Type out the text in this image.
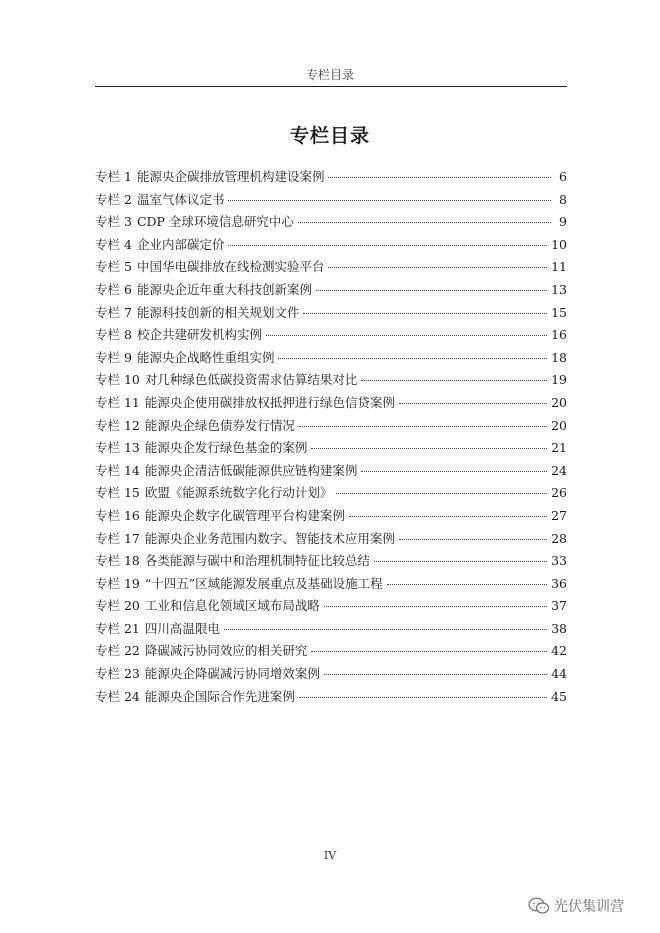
专栏目录
专栏目录
专栏 1 能源央企碳排放管理机构建设案例	6
专栏 2 温室气体议定书	8
专栏 3 CDP 全球环境信息研究中心	9
专栏 4 企业内部碳定价	10
专栏 5 中国华电碳排放在线检测实验平台	11
专栏 6 能源央企近年重大科技创新案例	13
专栏 7 能源科技创新的相关规划文件	15
专栏 8 校企共建研发机构实例	16
专栏 9 能源央企战略性重组实例	18
专栏 10 对几种绿色低碳投资需求估算结果对比	19
专栏 11 能源央企使用碳排放权抵押进行绿色信贷案例	20
专栏 12 能源央企绿色债券发行情况	20
专栏 13 能源央企发行绿色基金的案例	21
专栏 14 能源央企清洁低碳能源供应链构建案例	24
专栏 15 欧盟《能源系统数字化行动计划》	26
专栏 16 能源央企数字化碳管理平台构建案例	27
专栏 17 能源央企业务范围内数字、智能技术应用案例	28
专栏 18 各类能源与碳中和治理机制特征比较总结	33
专栏 19 “十四五”区域能源发展重点及基础设施工程	36
专栏 20 工业和信息化领域区域布局战略	37
专栏 21 四川高温限电	38
专栏 22 降碳减污协同效应的相关研究	42
专栏 23 能源央企降碳减污协同增效案例	44
专栏 24 能源央企国际合作先进案例	45
IV
光伏集训营
